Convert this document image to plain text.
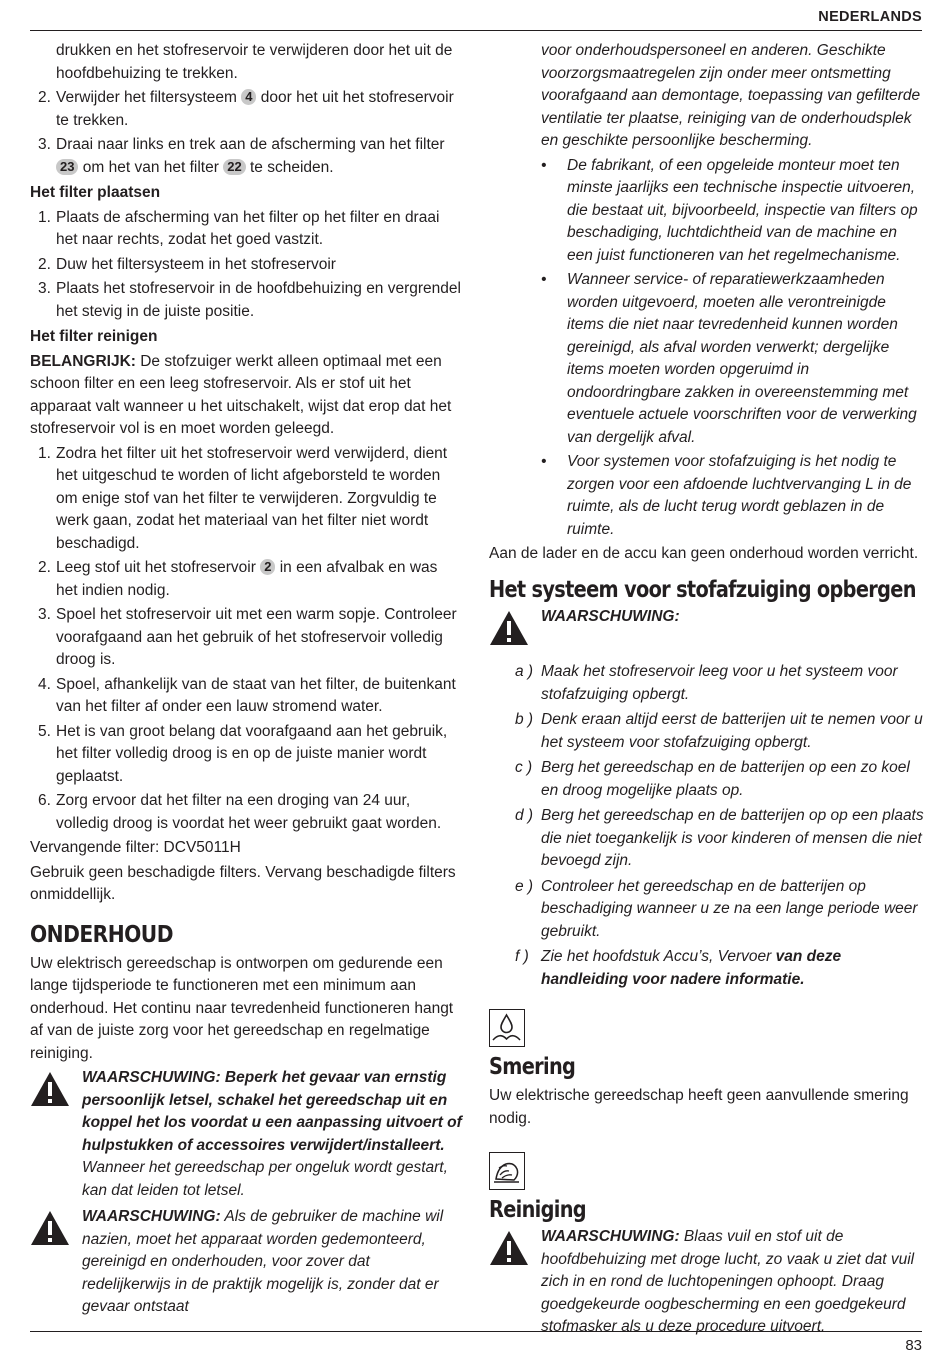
NEDERLANDS

drukken en het stofreservoir te verwijderen door het uit de hoofdbehuizing te trekken.

2. Verwijder het filtersysteem 4 door het uit het stofreservoir te trekken.
3. Draai naar links en trek aan de afscherming van het filter 23 om het van het filter 22 te scheiden.
Het filter plaatsen
1. Plaats de afscherming van het filter op het filter en draai het naar rechts, zodat het goed vastzit.
2. Duw het filtersysteem in het stofreservoir
3. Plaats het stofreservoir in de hoofdbehuizing en vergrendel het stevig in de juiste positie.
Het filter reinigen

BELANGRIJK: De stofzuiger werkt alleen optimaal met een schoon filter en een leeg stofreservoir. Als er stof uit het apparaat valt wanneer u het uitschakelt, wijst dat erop dat het stofreservoir vol is en moet worden geleegd.

1. Zodra het filter uit het stofreservoir werd verwijderd, dient het uitgeschud te worden of licht afgeborsteld te worden om enige stof van het filter te verwijderen. Zorgvuldig te werk gaan, zodat het materiaal van het filter niet wordt beschadigd.
2. Leeg stof uit het stofreservoir 2 in een afvalbak en was het indien nodig.
3. Spoel het stofreservoir uit met een warm sopje. Controleer voorafgaand aan het gebruik of het stofreservoir volledig droog is.
4. Spoel, afhankelijk van de staat van het filter, de buitenkant van het filter af onder een lauw stromend water.
5. Het is van groot belang dat voorafgaand aan het gebruik, het filter volledig droog is en op de juiste manier wordt geplaatst.
6. Zorg ervoor dat het filter na een droging van 24 uur, volledig droog is voordat het weer gebruikt gaat worden.

Vervangende filter: DCV5011H

Gebruik geen beschadigde filters. Vervang beschadigde filters onmiddellijk.

ONDERHOUD

Uw elektrisch gereedschap is ontworpen om gedurende een lange tijdsperiode te functioneren met een minimum aan onderhoud. Het continu naar tevredenheid functioneren hangt af van de juiste zorg voor het gereedschap en regelmatige reiniging.

WAARSCHUWING: Beperk het gevaar van ernstig persoonlijk letsel, schakel het gereedschap uit en koppel het los voordat u een aanpassing uitvoert of hulpstukken of accessoires verwijdert/installeert. Wanneer het gereedschap per ongeluk wordt gestart, kan dat leiden tot letsel.
WAARSCHUWING: Als de gebruiker de machine wil nazien, moet het apparaat worden gedemonteerd, gereinigd en onderhouden, voor zover dat redelijkerwijs in de praktijk mogelijk is, zonder dat er gevaar ontstaat

voor onderhoudspersoneel en anderen. Geschikte voorzorgsmaatregelen zijn onder meer ontsmetting voorafgaand aan demontage, toepassing van gefilterde ventilatie ter plaatse, reiniging van de onderhoudsplek en geschikte persoonlijke bescherming.

•	De fabrikant, of een opgeleide monteur moet ten minste jaarlijks een technische inspectie uitvoeren, die bestaat uit, bijvoorbeeld, inspectie van filters op beschadiging, luchtdichtheid van de machine en een juist functioneren van het regelmechanisme.
•	Wanneer service- of reparatiewerkzaamheden worden uitgevoerd, moeten alle verontreinigde items die niet naar tevredenheid kunnen worden gereinigd, als afval worden verwerkt; dergelijke items moeten worden opgeruimd in ondoordringbare zakken in overeenstemming met eventuele actuele voorschriften voor de verwerking van dergelijk afval.
•	Voor systemen voor stofafzuiging is het nodig te zorgen voor een afdoende luchtvervanging L in de ruimte, als de lucht terug wordt geblazen in de ruimte.

Aan de lader en de accu kan geen onderhoud worden verricht.

Het systeem voor stofafzuiging opbergen
WAARSCHUWING:
a ) Maak het stofreservoir leeg voor u het systeem voor stofafzuiging opbergt.
b ) Denk eraan altijd eerst de batterijen uit te nemen voor u het systeem voor stofafzuiging opbergt.
c ) Berg het gereedschap en de batterijen op een zo koel en droog mogelijke plaats op.
d ) Berg het gereedschap en de batterijen op op een plaats die niet toegankelijk is voor kinderen of mensen die niet bevoegd zijn.
e ) Controleer het gereedschap en de batterijen op beschadiging wanneer u ze na een lange periode weer gebruikt.
f ) Zie het hoofdstuk Accu’s, Vervoer van deze handleiding voor nadere informatie.
Smering

Uw elektrische gereedschap heeft geen aanvullende smering nodig.

Reiniging
WAARSCHUWING: Blaas vuil en stof uit de hoofdbehuizing met droge lucht, zo vaak u ziet dat vuil zich in en rond de luchtopeningen ophoopt. Draag goedgekeurde oogbescherming en een goedgekeurd stofmasker als u deze procedure uitvoert.
83
